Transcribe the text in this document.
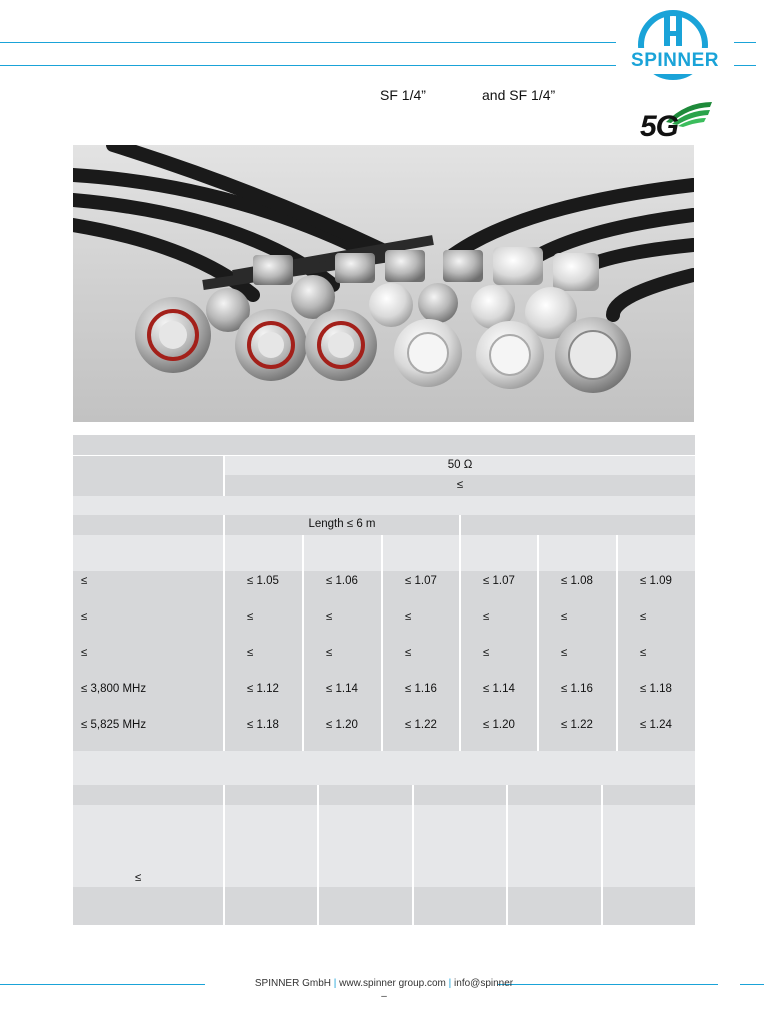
SPINNER
SF 1/4”	and SF 1/4”
5G
50 Ω
≤
Length ≤ 6 m
≤	≤ 1.05	≤ 1.06	≤ 1.07	≤ 1.07	≤ 1.08	≤ 1.09
≤	≤	≤	≤	≤	≤	≤
≤	≤	≤	≤	≤	≤	≤
≤ 3,800 MHz	≤ 1.12	≤ 1.14	≤ 1.16	≤ 1.14	≤ 1.16	≤ 1.18
≤ 5,825 MHz	≤ 1.18	≤ 1.20	≤ 1.22	≤ 1.20	≤ 1.22	≤ 1.24
≤
SPINNER GmbH | www.spinner group.com | info@spinner
–
